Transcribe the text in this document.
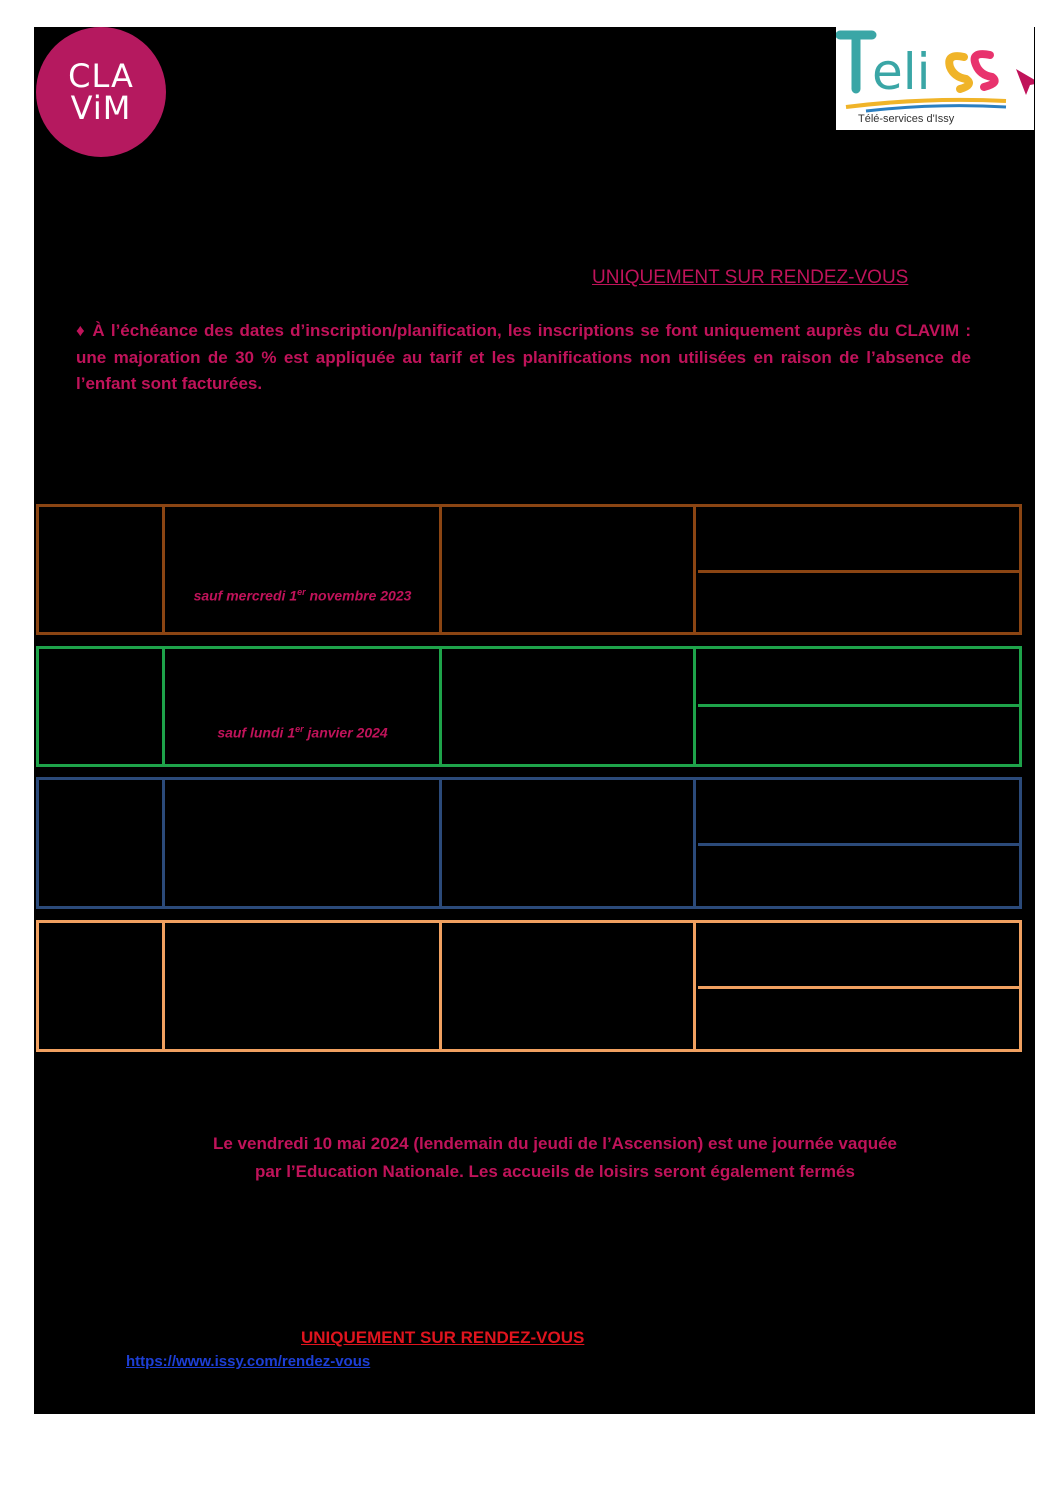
CLA
ViM
eli
Télé-services d'Issy
UNIQUEMENT SUR RENDEZ-VOUS
♦ À l’échéance des dates d’inscription/planification, les inscriptions se font uniquement auprès du CLAVIM : une majoration de 30 % est appliquée au tarif et les planifications non utilisées en raison de l’absence de l’enfant sont facturées.
sauf mercredi 1er novembre 2023
sauf lundi 1er janvier 2024
Le vendredi 10 mai 2024 (lendemain du jeudi de l’Ascension) est une journée vaquée
par l’Education Nationale. Les accueils de loisirs seront également fermés
UNIQUEMENT SUR RENDEZ-VOUS
https://www.issy.com/rendez-vous
